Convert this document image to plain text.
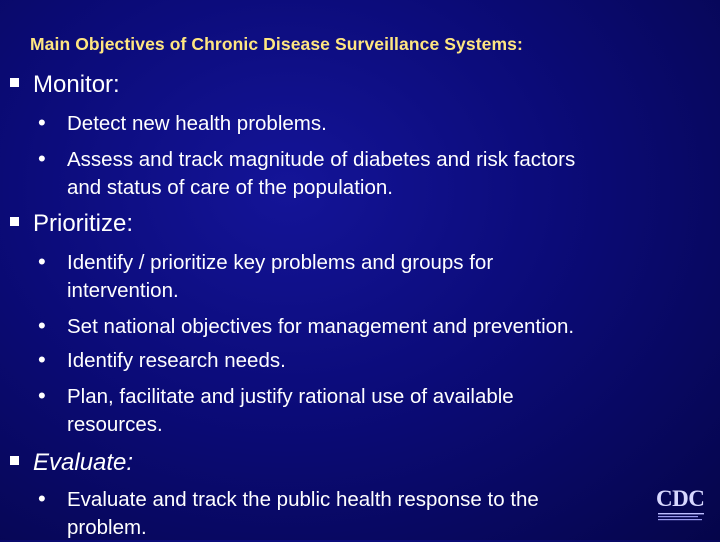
Main Objectives of Chronic Disease Surveillance Systems:
Monitor:
• Detect new health problems.
• Assess and track magnitude of diabetes and risk factors
and status of care of the population.
Prioritize:
• Identify / prioritize key problems and groups for
intervention.
• Set national objectives for management and prevention.
• Identify research needs.
• Plan, facilitate and justify rational use of available
resources.
Evaluate:
• Evaluate and track the public health response to the
problem.
CDC
